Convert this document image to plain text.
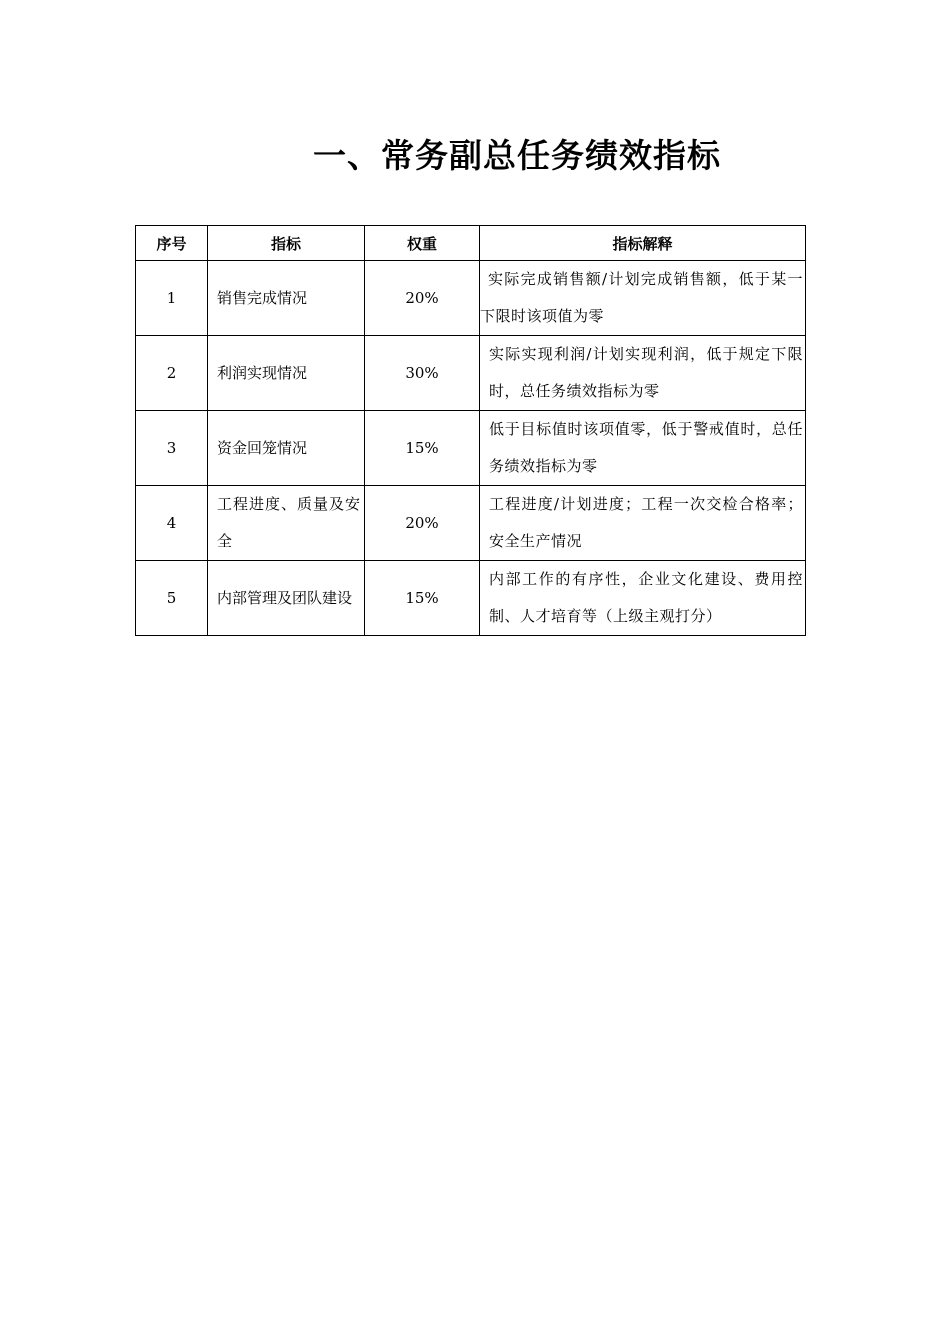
一、常务副总任务绩效指标
序号	指标	权重	指标解释
1	销售完成情况	20%	实际完成销售额/计划完成销售额，低于某一下限时该项值为零
2	利润实现情况	30%	实际实现利润/计划实现利润，低于规定下限时，总任务绩效指标为零
3	资金回笼情况	15%	低于目标值时该项值零，低于警戒值时，总任务绩效指标为零
4	工程进度、质量及安全	20%	工程进度/计划进度；工程一次交检合格率；安全生产情况
5	内部管理及团队建设	15%	内部工作的有序性，企业文化建设、费用控制、人才培育等（上级主观打分）
